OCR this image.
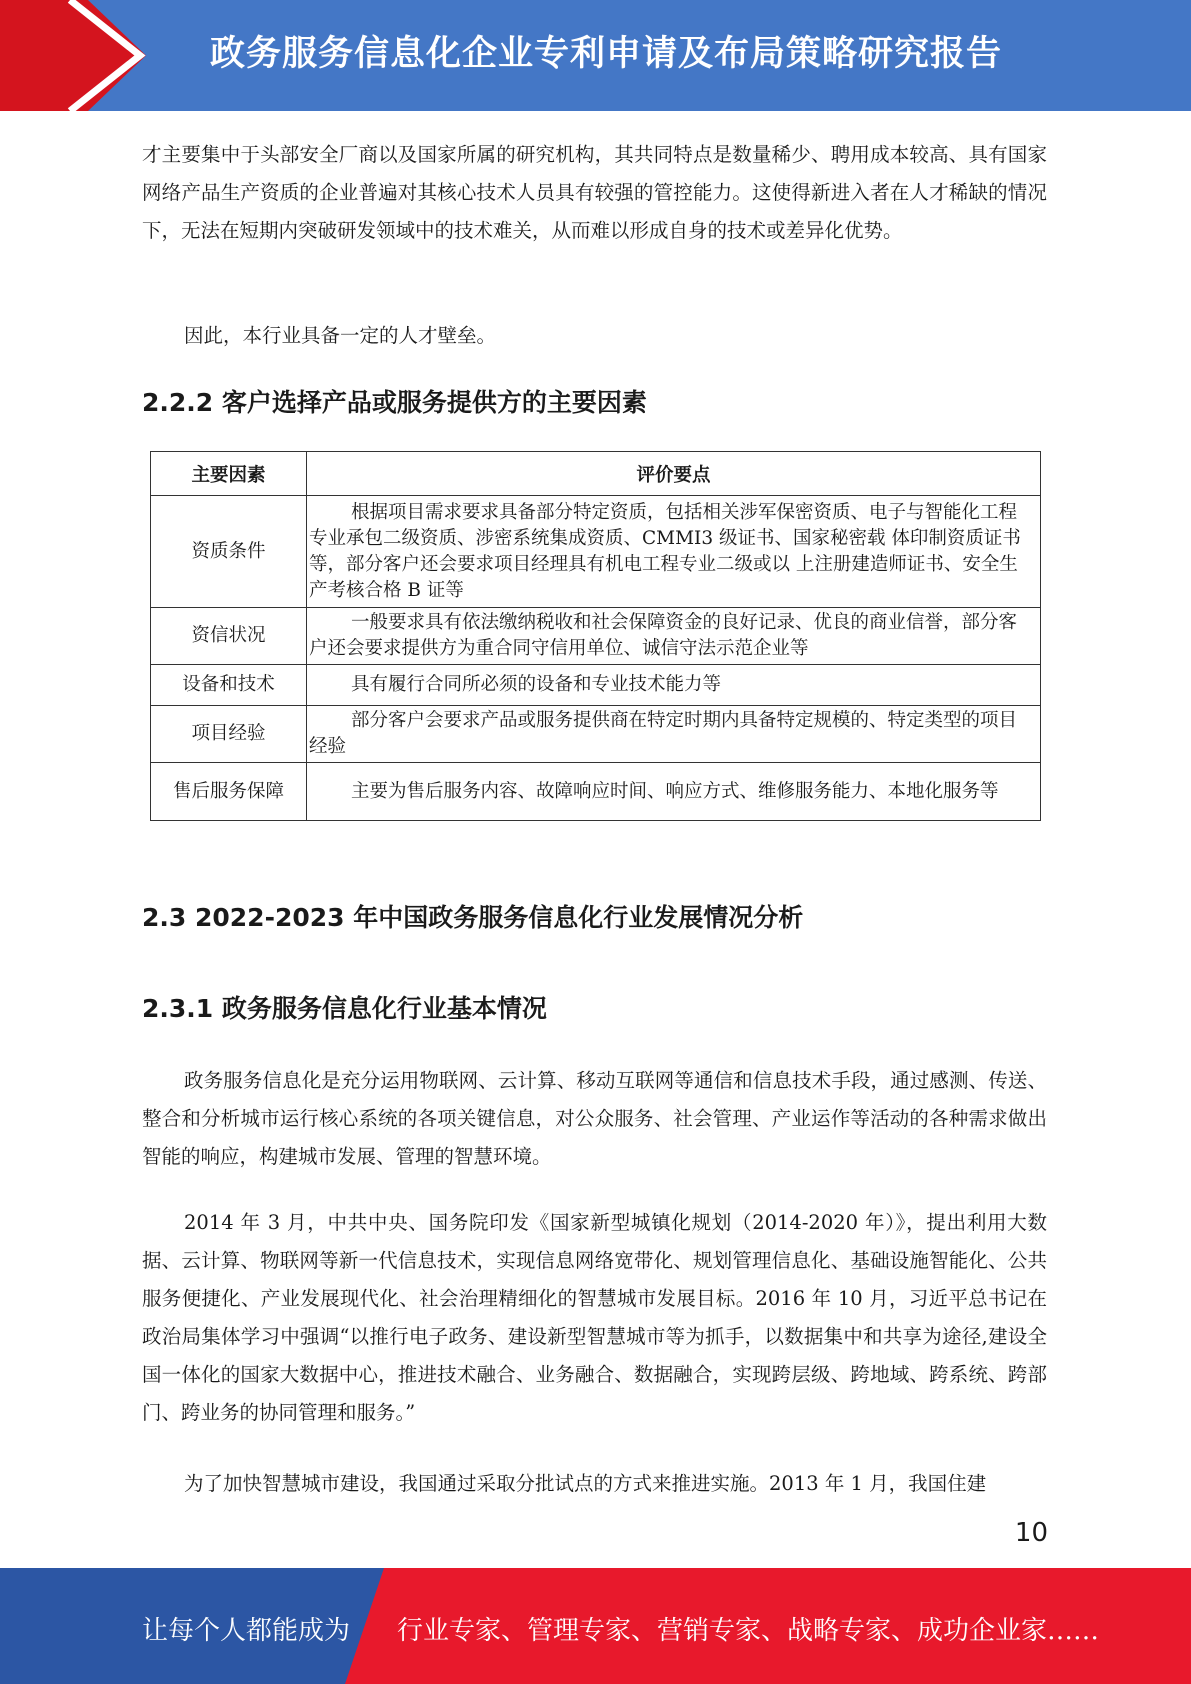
政务服务信息化企业专利申请及布局策略研究报告

才主要集中于头部安全厂商以及国家所属的研究机构，其共同特点是数量稀少、聘用成本较高、具有国家网络产品生产资质的企业普遍对其核心技术人员具有较强的管控能力。这使得新进入者在人才稀缺的情况下，无法在短期内突破研发领域中的技术难关，从而难以形成自身的技术或差异化优势。

因此，本行业具备一定的人才壁垒。

2.2.2 客户选择产品或服务提供方的主要因素
主要因素	评价要点
资质条件	根据项目需求要求具备部分特定资质，包括相关涉军保密资质、电子与智能化工程专业承包二级资质、涉密系统集成资质、CMMI3 级证书、国家秘密载 体印制资质证书等，部分客户还会要求项目经理具有机电工程专业二级或以 上注册建造师证书、安全生产考核合格 B 证等
资信状况	一般要求具有依法缴纳税收和社会保障资金的良好记录、优良的商业信誉，部分客户还会要求提供方为重合同守信用单位、诚信守法示范企业等
设备和技术	具有履行合同所必须的设备和专业技术能力等
项目经验	部分客户会要求产品或服务提供商在特定时期内具备特定规模的、特定类型的项目经验
售后服务保障	主要为售后服务内容、故障响应时间、响应方式、维修服务能力、本地化服务等
2.3 2022-2023 年中国政务服务信息化行业发展情况分析
2.3.1 政务服务信息化行业基本情况

政务服务信息化是充分运用物联网、云计算、移动互联网等通信和信息技术手段，通过感测、传送、整合和分析城市运行核心系统的各项关键信息，对公众服务、社会管理、产业运作等活动的各种需求做出智能的响应，构建城市发展、管理的智慧环境。

2014 年 3 月，中共中央、国务院印发《国家新型城镇化规划（2014-2020 年）》，提出利用大数据、云计算、物联网等新一代信息技术，实现信息网络宽带化、规划管理信息化、基础设施智能化、公共服务便捷化、产业发展现代化、社会治理精细化的智慧城市发展目标。2016 年 10 月，习近平总书记在政治局集体学习中强调“以推行电子政务、建设新型智慧城市等为抓手，以数据集中和共享为途径,建设全国一体化的国家大数据中心，推进技术融合、业务融合、数据融合，实现跨层级、跨地域、跨系统、跨部门、跨业务的协同管理和服务。”

为了加快智慧城市建设，我国通过采取分批试点的方式来推进实施。2013 年 1 月，我国住建

10
让每个人都能成为 行业专家、管理专家、营销专家、战略专家、成功企业家……
